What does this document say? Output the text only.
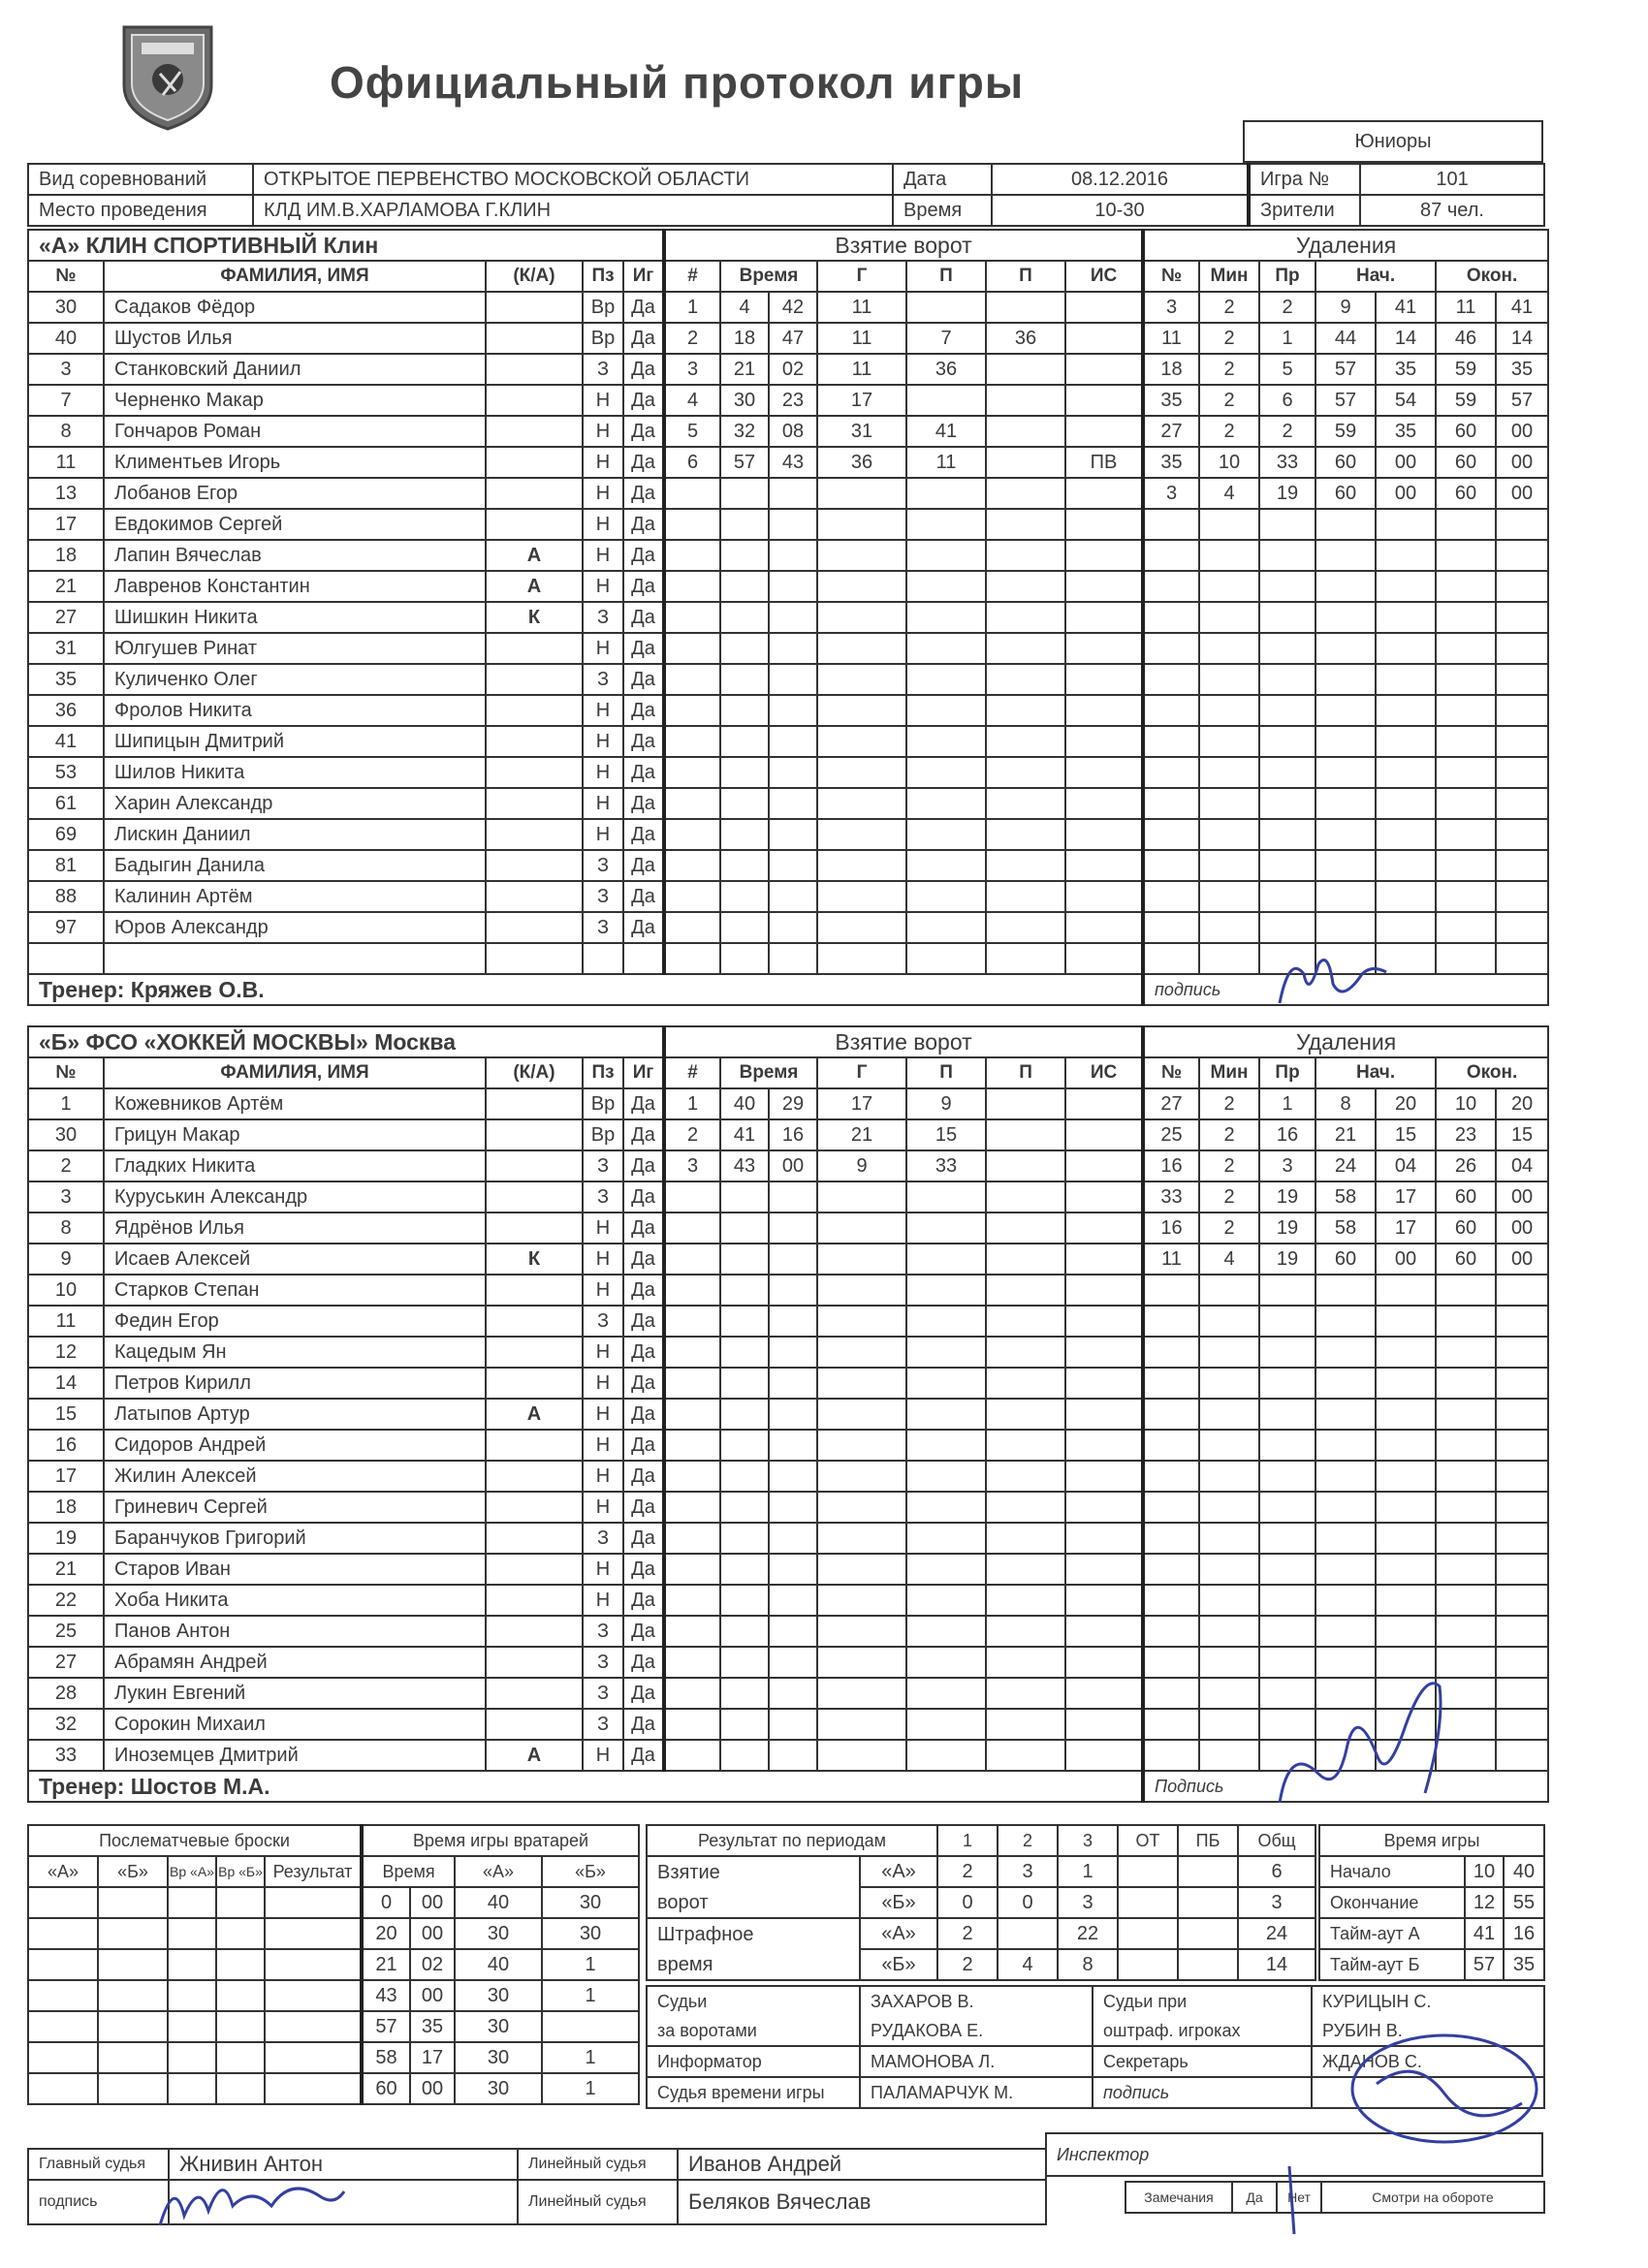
Официальный протокол игры
Юниоры
Вид соревнований	ОТКРЫТОЕ ПЕРВЕНСТВО МОСКОВСКОЙ ОБЛАСТИ	Дата	08.12.2016	Игра №	101
Место проведения	КЛД ИМ.В.ХАРЛАМОВА Г.КЛИН	Время	10-30	Зрители	87 чел.
«А» КЛИН СПОРТИВНЫЙ Клин					Взятие ворот							Удаления						
№	ФАМИЛИЯ, ИМЯ	(К/А)	Пз	Иг	#	Время		Г	П	П	ИС	№	Мин	Пр	Нач.		Окон.	
30	Садаков Фёдор		Вр	Да	1	4	42	11				3	2	2	9	41	11	41
40	Шустов Илья		Вр	Да	2	18	47	11	7	36		11	2	1	44	14	46	14
3	Станковский Даниил		З	Да	3	21	02	11	36			18	2	5	57	35	59	35
7	Черненко Макар		Н	Да	4	30	23	17				35	2	6	57	54	59	57
8	Гончаров Роман		Н	Да	5	32	08	31	41			27	2	2	59	35	60	00
11	Климентьев Игорь		Н	Да	6	57	43	36	11		ПВ	35	10	33	60	00	60	00
13	Лобанов Егор		Н	Да								3	4	19	60	00	60	00
17	Евдокимов Сергей		Н	Да														
18	Лапин Вячеслав	А	Н	Да														
21	Лавренов Константин	А	Н	Да														
27	Шишкин Никита	К	З	Да														
31	Юлгушев Ринат		Н	Да														
35	Куличенко Олег		З	Да														
36	Фролов Никита		Н	Да														
41	Шипицын Дмитрий		Н	Да														
53	Шилов Никита		Н	Да														
61	Харин Александр		Н	Да														
69	Лискин Даниил		Н	Да														
81	Бадыгин Данила		З	Да														
88	Калинин Артём		З	Да														
97	Юров Александр		З	Да														

Тренер: Кряжев О.В.												подпись						
«Б» ФСО «ХОККЕЙ МОСКВЫ» Москва					Взятие ворот							Удаления						
№	ФАМИЛИЯ, ИМЯ	(К/А)	Пз	Иг	#	Время		Г	П	П	ИС	№	Мин	Пр	Нач.		Окон.	
1	Кожевников Артём		Вр	Да	1	40	29	17	9			27	2	1	8	20	10	20
30	Грицун Макар		Вр	Да	2	41	16	21	15			25	2	16	21	15	23	15
2	Гладких Никита		З	Да	3	43	00	9	33			16	2	3	24	04	26	04
3	Куруськин Александр		З	Да								33	2	19	58	17	60	00
8	Ядрёнов Илья		Н	Да								16	2	19	58	17	60	00
9	Исаев Алексей	К	Н	Да								11	4	19	60	00	60	00
10	Старков Степан		Н	Да														
11	Федин Егор		З	Да														
12	Кацедым Ян		Н	Да														
14	Петров Кирилл		Н	Да														
15	Латыпов Артур	А	Н	Да														
16	Сидоров Андрей		Н	Да														
17	Жилин Алексей		Н	Да														
18	Гриневич Сергей		Н	Да														
19	Баранчуков Григорий		З	Да														
21	Старов Иван		Н	Да														
22	Хоба Никита		Н	Да														
25	Панов Антон		З	Да														
27	Абрамян Андрей		З	Да														
28	Лукин Евгений		З	Да														
32	Сорокин Михаил		З	Да														
33	Иноземцев Дмитрий	А	Н	Да														
Тренер: Шостов М.А.												Подпись						
Послематчевые броски					Время игры вратарей			
«А»	«Б»	Вр «А»	Вр «Б»	Результат	Время		«А»	«Б»
					0	00	40	30
					20	00	30	30
					21	02	40	1
					43	00	30	1
					57	35	30	
					58	17	30	1
					60	00	30	1
Результат по периодам		1	2	3	ОТ	ПБ	Общ
Взятие	«А»	2	3	1			6
ворот	«Б»	0	0	3			3
Штрафное	«А»	2		22			24
время	«Б»	2	4	8			14
Время игры		
Начало	10	40
Окончание	12	55
Тайм-аут А	41	16
Тайм-аут Б	57	35
Судьи	ЗАХАРОВ В.	Судьи при	КУРИЦЫН С.
за воротами	РУДАКОВА Е.	оштраф. игроках	РУБИН В.
Информатор	МАМОНОВА Л.	Секретарь	ЖДАНОВ С.
Судья времени игры	ПАЛАМАРЧУК М.	подпись	
Главный судья	Жнивин Антон	Линейный судья	Иванов Андрей
подпись		Линейный судья	Беляков Вячеслав
Инспектор
Замечания	Да	Нет	Смотри на обороте
